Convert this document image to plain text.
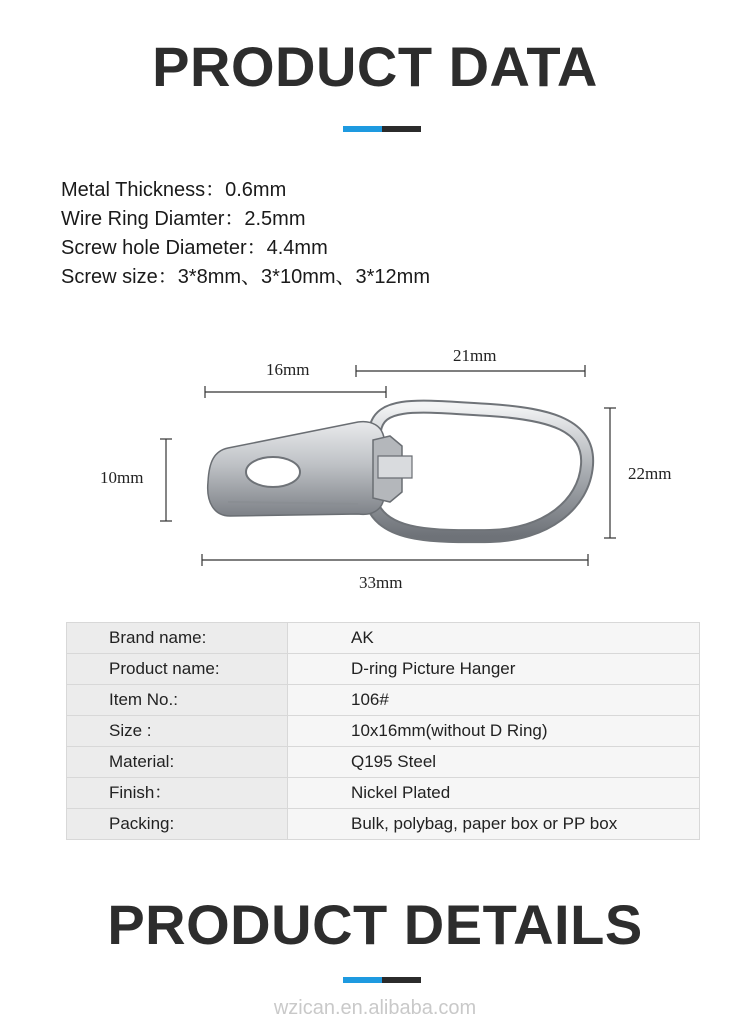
PRODUCT DATA
Metal Thickness：0.6mm
Wire Ring Diamter：2.5mm
Screw hole Diameter：4.4mm
Screw size：3*8mm、3*10mm、3*12mm
16mm
21mm
10mm	22mm
33mm
Brand name:	AK
Product name:	D-ring Picture Hanger
Item No.:	106#
Size :	10x16mm(without D Ring)
Material:	Q195 Steel
Finish：	Nickel Plated
Packing:	Bulk, polybag, paper box or PP box
PRODUCT DETAILS
wzican.en.alibaba.com
